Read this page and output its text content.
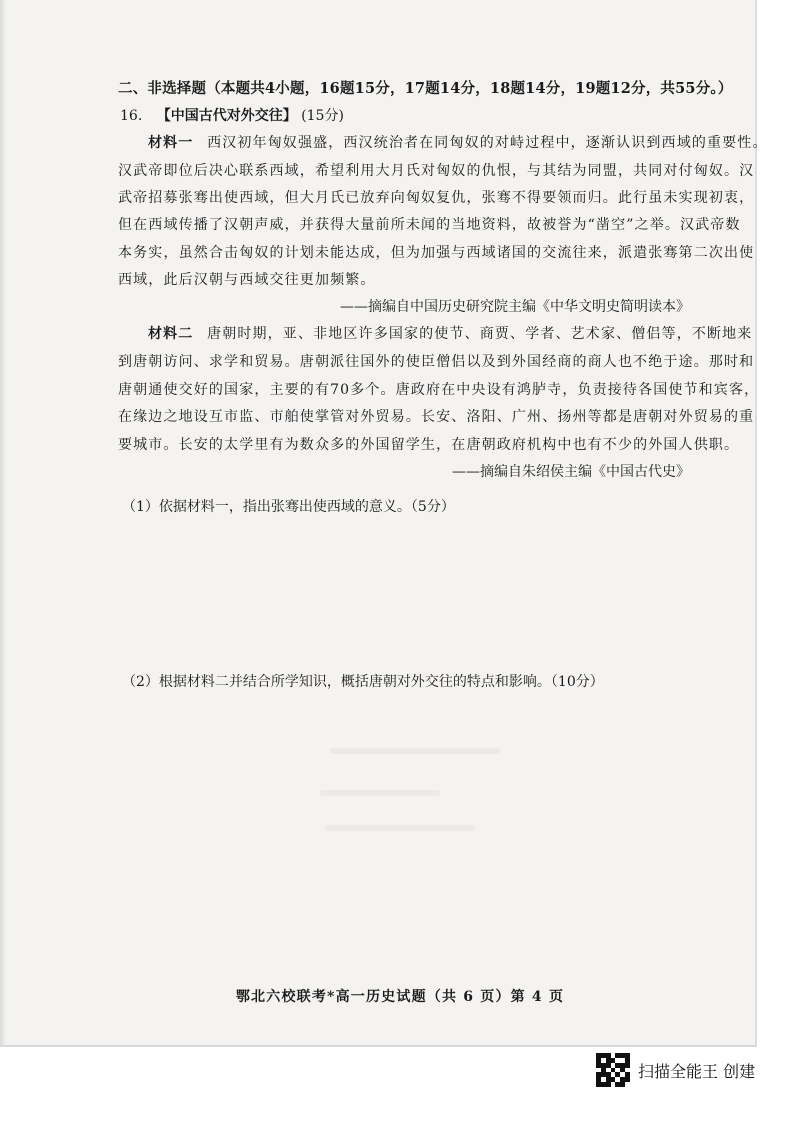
二、非选择题（本题共4小题，16题15分，17题14分，18题14分，19题12分，共55分。）
16. 【中国古代对外交往】 (15分)
材料一 西汉初年匈奴强盛，西汉统治者在同匈奴的对峙过程中，逐渐认识到西域的重要性。
汉武帝即位后决心联系西域，希望利用大月氏对匈奴的仇恨，与其结为同盟，共同对付匈奴。汉
武帝招募张骞出使西域，但大月氏已放弃向匈奴复仇，张骞不得要领而归。此行虽未实现初衷，
但在西域传播了汉朝声威，并获得大量前所未闻的当地资料，故被誉为“凿空”之举。汉武帝数
本务实，虽然合击匈奴的计划未能达成，但为加强与西域诸国的交流往来，派遣张骞第二次出使
西域，此后汉朝与西域交往更加频繁。
——摘编自中国历史研究院主编《中华文明史简明读本》
材料二 唐朝时期，亚、非地区许多国家的使节、商贾、学者、艺术家、僧侣等，不断地来
到唐朝访问、求学和贸易。唐朝派往国外的使臣僧侣以及到外国经商的商人也不绝于途。那时和
唐朝通使交好的国家，主要的有70多个。唐政府在中央设有鸿胪寺，负责接待各国使节和宾客，
在缘边之地设互市监、市舶使掌管对外贸易。长安、洛阳、广州、扬州等都是唐朝对外贸易的重
要城市。长安的太学里有为数众多的外国留学生，在唐朝政府机构中也有不少的外国人供职。
——摘编自朱绍侯主编《中国古代史》
（1）依据材料一，指出张骞出使西域的意义。（5分）
（2）根据材料二并结合所学知识，概括唐朝对外交往的特点和影响。（10分）
鄂北六校联考*高一历史试题（共 6 页）第 4 页
扫描全能王 创建
